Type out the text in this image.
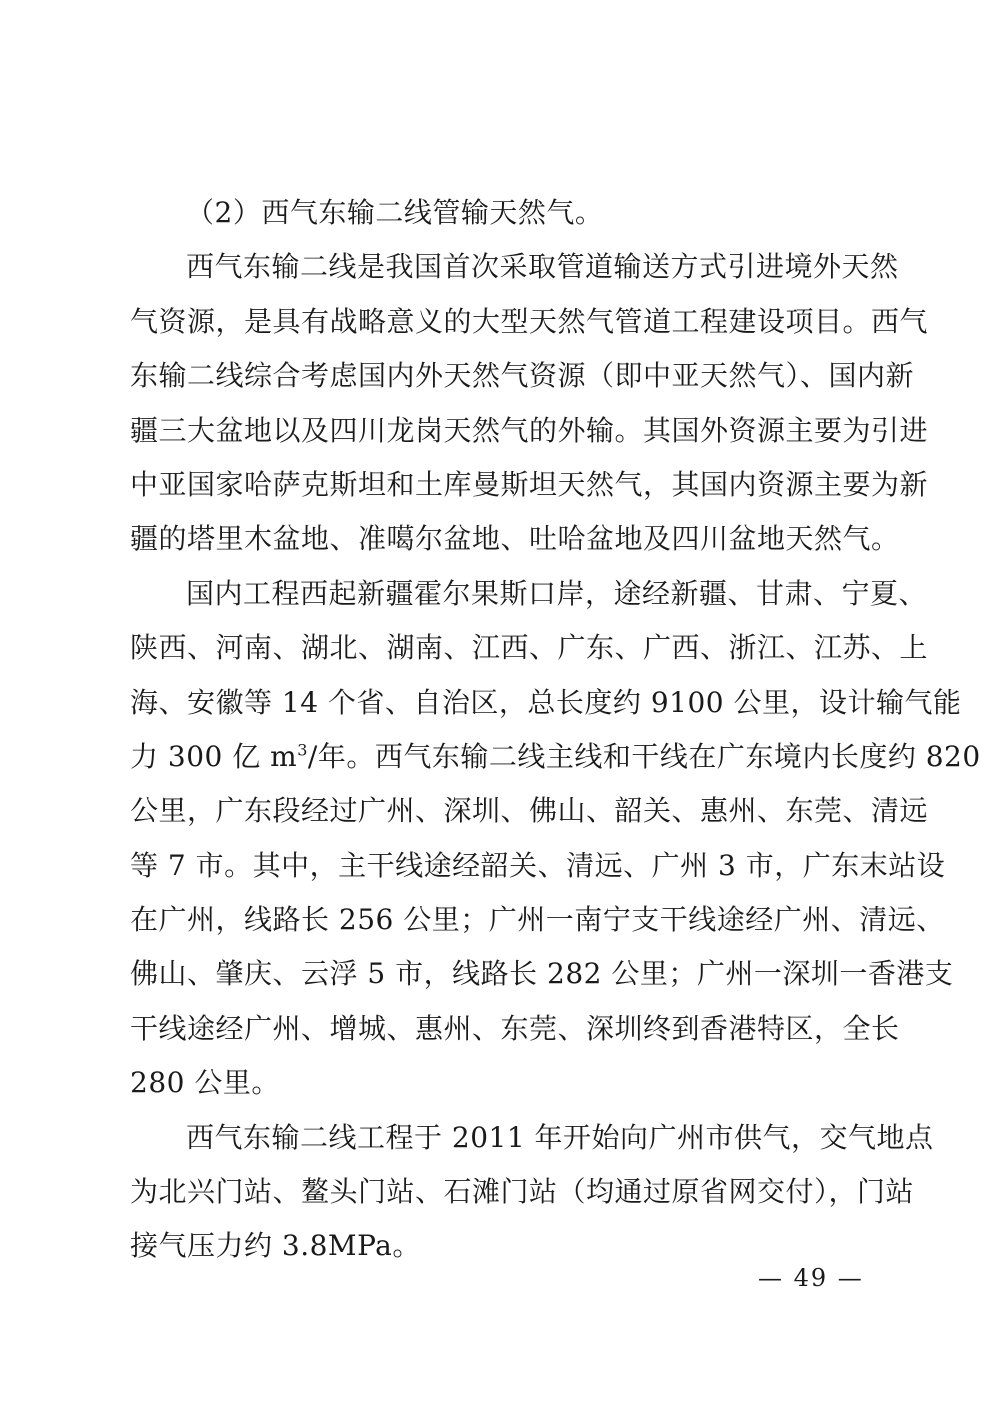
（2）西气东输二线管输天然气。
西气东输二线是我国首次采取管道输送方式引进境外天然
气资源，是具有战略意义的大型天然气管道工程建设项目。西气
东输二线综合考虑国内外天然气资源（即中亚天然气）、国内新
疆三大盆地以及四川龙岗天然气的外输。其国外资源主要为引进
中亚国家哈萨克斯坦和土库曼斯坦天然气，其国内资源主要为新
疆的塔里木盆地、准噶尔盆地、吐哈盆地及四川盆地天然气。
国内工程西起新疆霍尔果斯口岸，途经新疆、甘肃、宁夏、
陕西、河南、湖北、湖南、江西、广东、广西、浙江、江苏、上
海、安徽等 14 个省、自治区，总长度约 9100 公里，设计输气能
力 300 亿 $m^3/$年。西气东输二线主线和干线在广东境内长度约 820
公里，广东段经过广州、深圳、佛山、韶关、惠州、东莞、清远
等 7 市。其中，主干线途经韶关、清远、广州 3 市，广东末站设
在广州，线路长 256 公里；广州一南宁支干线途经广州、清远、
佛山、肇庆、云浮 5 市，线路长 282 公里；广州一深圳一香港支
干线途经广州、增城、惠州、东莞、深圳终到香港特区，全长
280 公里。
西气东输二线工程于 2011 年开始向广州市供气，交气地点
为北兴门站、鳌头门站、石滩门站（均通过原省网交付），门站
接气压力约 3.8MPa。
— 49 —
